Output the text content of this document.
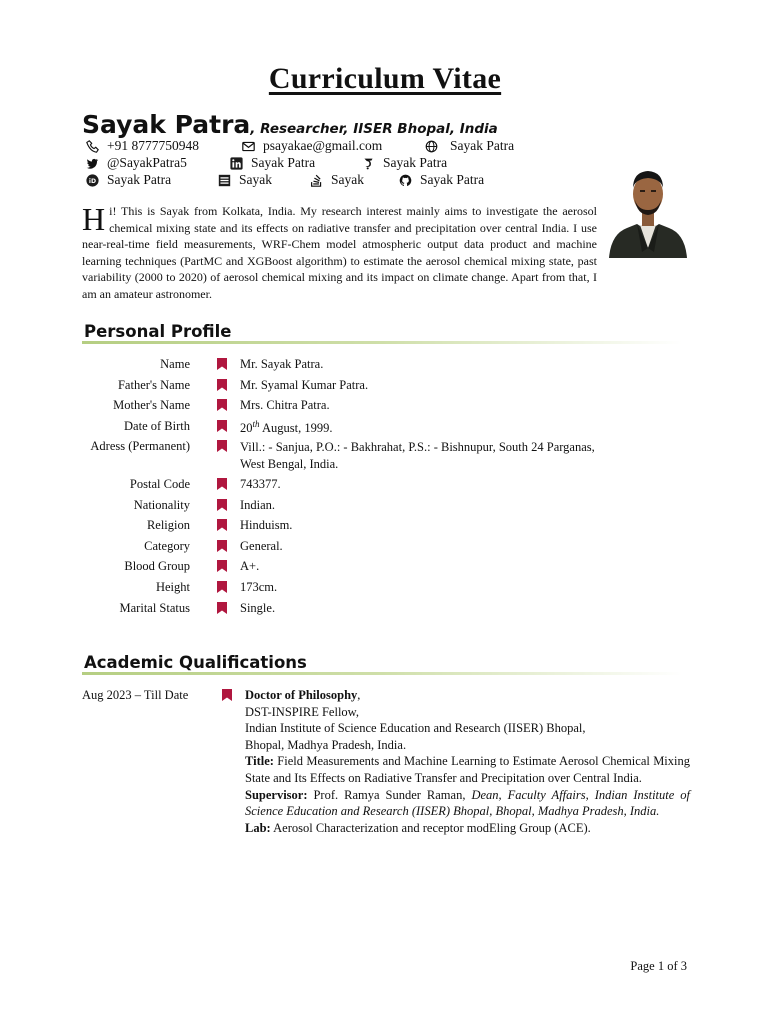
Curriculum Vitae
Sayak Patra, Researcher, IISER Bhopal, India
+91 8777750948	psayakae@gmail.com	Sayak Patra
@SayakPatra5	Sayak Patra	Sayak Patra
iD Sayak Patra	Sayak	Sayak	Sayak Patra
Hi! This is Sayak from Kolkata, India. My research interest mainly aims to investigate the aerosol chemical mixing state and its effects on radiative transfer and precipitation over central India. I use near-real-time field measurements, WRF-Chem model atmospheric output data product and machine learning techniques (PartMC and XGBoost algorithm) to estimate the aerosol chemical mixing state, past variability (2000 to 2020) of aerosol chemical mixing and its impact on climate change. Apart from that, I am an amateur astronomer.
Personal Profile
Name	Mr. Sayak Patra.
Father's Name	Mr. Syamal Kumar Patra.
Mother's Name	Mrs. Chitra Patra.
Date of Birth	20th August, 1999.
Adress (Permanent)	Vill.: - Sanjua, P.O.: - Bakhrahat, P.S.: - Bishnupur, South 24 Parganas,
West Bengal, India.
Postal Code	743377.
Nationality	Indian.
Religion	Hinduism.
Category	General.
Blood Group	A+.
Height	173cm.
Marital Status	Single.
Academic Qualifications
Aug 2023 – Till Date	Doctor of Philosophy,
DST-INSPIRE Fellow,
Indian Institute of Science Education and Research (IISER) Bhopal,
Bhopal, Madhya Pradesh, India.
Title: Field Measurements and Machine Learning to Estimate Aerosol Chemical Mixing State and Its Effects on Radiative Transfer and Precipitation over Central India.
Supervisor: Prof. Ramya Sunder Raman, Dean, Faculty Affairs, Indian Institute of Science Education and Research (IISER) Bhopal, Bhopal, Madhya Pradesh, India.
Lab: Aerosol Characterization and receptor modEling Group (ACE).
Page 1 of 3
